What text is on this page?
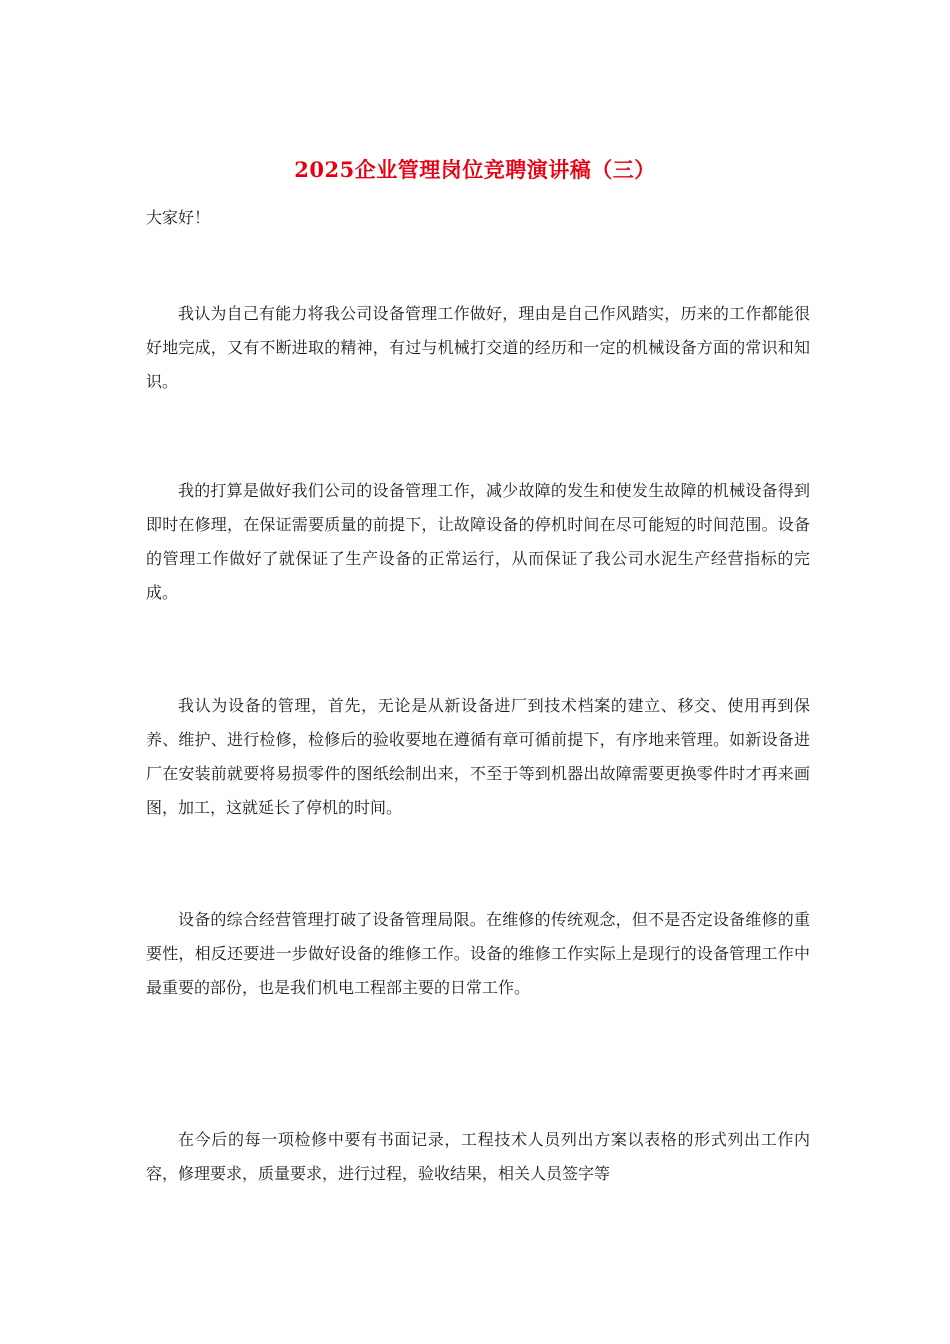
2025企业管理岗位竞聘演讲稿（三）

大家好！

我认为自己有能力将我公司设备管理工作做好，理由是自己作风踏实，历来的工作都能很好地完成，又有不断进取的精神，有过与机械打交道的经历和一定的机械设备方面的常识和知识。

我的打算是做好我们公司的设备管理工作，减少故障的发生和使发生故障的机械设备得到即时在修理，在保证需要质量的前提下，让故障设备的停机时间在尽可能短的时间范围。设备的管理工作做好了就保证了生产设备的正常运行，从而保证了我公司水泥生产经营指标的完成。

我认为设备的管理，首先，无论是从新设备进厂到技术档案的建立、移交、使用再到保养、维护、进行检修，检修后的验收要地在遵循有章可循前提下，有序地来管理。如新设备进厂在安装前就要将易损零件的图纸绘制出来，不至于等到机器出故障需要更换零件时才再来画图，加工，这就延长了停机的时间。

设备的综合经营管理打破了设备管理局限。在维修的传统观念，但不是否定设备维修的重要性，相反还要进一步做好设备的维修工作。设备的维修工作实际上是现行的设备管理工作中最重要的部份，也是我们机电工程部主要的日常工作。

在今后的每一项检修中要有书面记录，工程技术人员列出方案以表格的形式列出工作内容，修理要求，质量要求，进行过程，验收结果，相关人员签字等
